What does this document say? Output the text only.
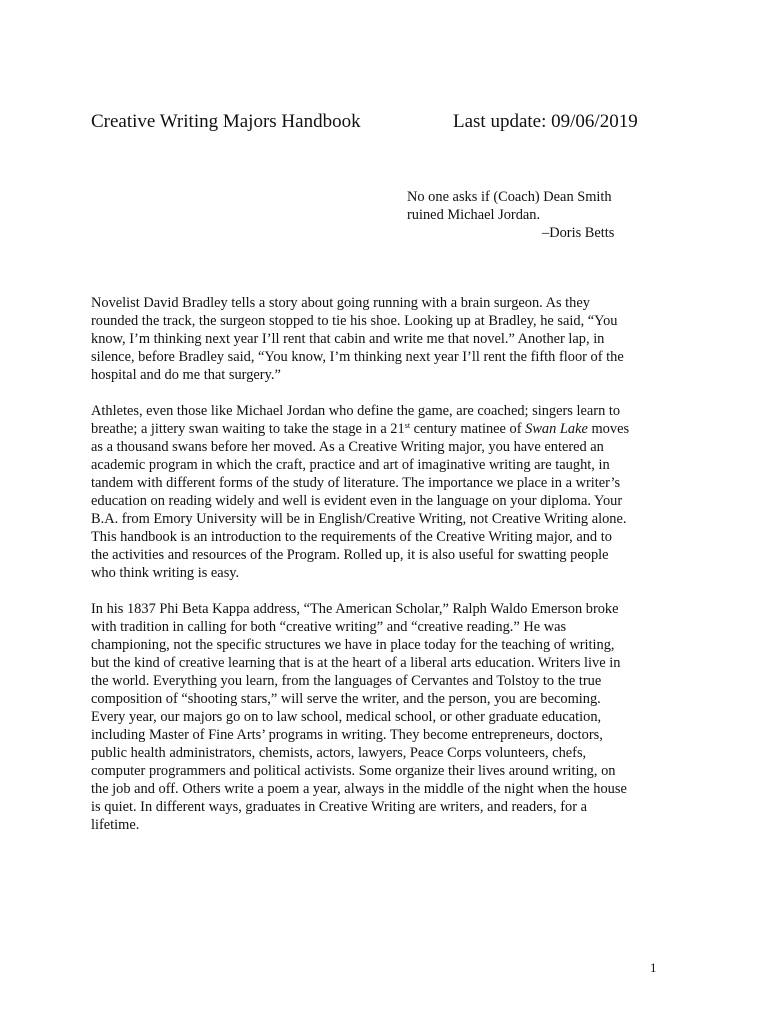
Creative Writing Majors Handbook	Last update: 09/06/2019
No one asks if (Coach) Dean Smith
ruined Michael Jordan.
–Doris Betts
Novelist David Bradley tells a story about going running with a brain surgeon. As they
rounded the track, the surgeon stopped to tie his shoe. Looking up at Bradley, he said, “You
know, I’m thinking next year I’ll rent that cabin and write me that novel.” Another lap, in
silence, before Bradley said, “You know, I’m thinking next year I’ll rent the fifth floor of the
hospital and do me that surgery.”
Athletes, even those like Michael Jordan who define the game, are coached; singers learn to
breathe; a jittery swan waiting to take the stage in a 21st century matinee of Swan Lake moves
as a thousand swans before her moved. As a Creative Writing major, you have entered an
academic program in which the craft, practice and art of imaginative writing are taught, in
tandem with different forms of the study of literature. The importance we place in a writer’s
education on reading widely and well is evident even in the language on your diploma. Your
B.A. from Emory University will be in English/Creative Writing, not Creative Writing alone.
This handbook is an introduction to the requirements of the Creative Writing major, and to
the activities and resources of the Program. Rolled up, it is also useful for swatting people
who think writing is easy.
In his 1837 Phi Beta Kappa address, “The American Scholar,” Ralph Waldo Emerson broke
with tradition in calling for both “creative writing” and “creative reading.” He was
championing, not the specific structures we have in place today for the teaching of writing,
but the kind of creative learning that is at the heart of a liberal arts education. Writers live in
the world. Everything you learn, from the languages of Cervantes and Tolstoy to the true
composition of “shooting stars,” will serve the writer, and the person, you are becoming.
Every year, our majors go on to law school, medical school, or other graduate education,
including Master of Fine Arts’ programs in writing. They become entrepreneurs, doctors,
public health administrators, chemists, actors, lawyers, Peace Corps volunteers, chefs,
computer programmers and political activists. Some organize their lives around writing, on
the job and off. Others write a poem a year, always in the middle of the night when the house
is quiet. In different ways, graduates in Creative Writing are writers, and readers, for a
lifetime.
1
